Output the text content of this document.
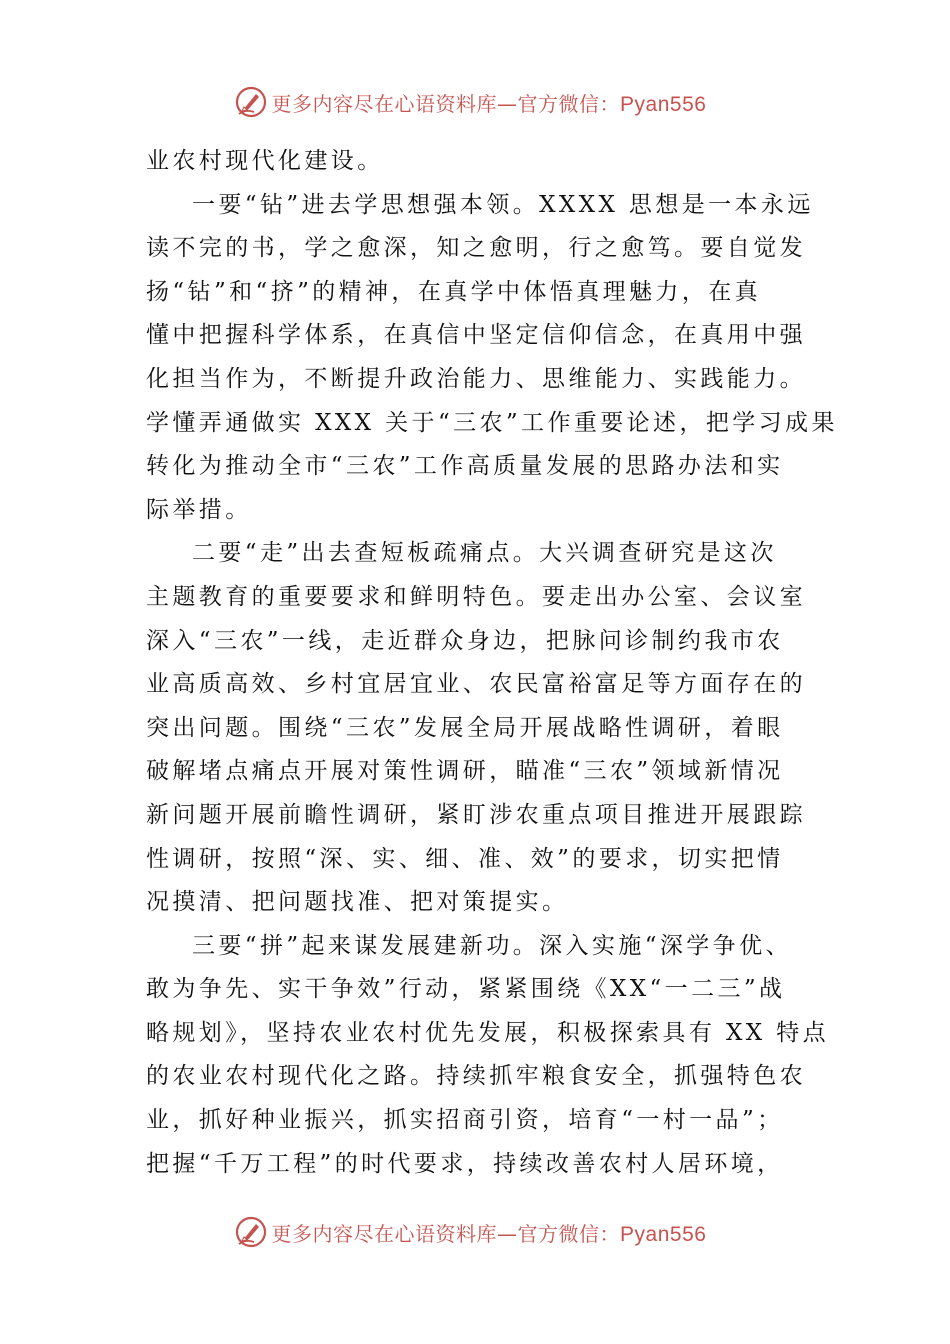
更多内容尽在心语资料库—官方微信：Pyan556
业农村现代化建设。
一要“钻”进去学思想强本领。XXXX 思想是一本永远
读不完的书，学之愈深，知之愈明，行之愈笃。要自觉发
扬“钻”和“挤”的精神，在真学中体悟真理魅力，在真
懂中把握科学体系，在真信中坚定信仰信念，在真用中强
化担当作为，不断提升政治能力、思维能力、实践能力。
学懂弄通做实 XXX 关于“三农”工作重要论述，把学习成果
转化为推动全市“三农”工作高质量发展的思路办法和实
际举措。
二要“走”出去查短板疏痛点。大兴调查研究是这次
主题教育的重要要求和鲜明特色。要走出办公室、会议室
深入“三农”一线，走近群众身边，把脉问诊制约我市农
业高质高效、乡村宜居宜业、农民富裕富足等方面存在的
突出问题。围绕“三农”发展全局开展战略性调研，着眼
破解堵点痛点开展对策性调研，瞄准“三农”领域新情况
新问题开展前瞻性调研，紧盯涉农重点项目推进开展跟踪
性调研，按照“深、实、细、准、效”的要求，切实把情
况摸清、把问题找准、把对策提实。
三要“拼”起来谋发展建新功。深入实施“深学争优、
敢为争先、实干争效”行动，紧紧围绕《XX“一二三”战
略规划》，坚持农业农村优先发展，积极探索具有 XX 特点
的农业农村现代化之路。持续抓牢粮食安全，抓强特色农
业，抓好种业振兴，抓实招商引资，培育“一村一品”；
把握“千万工程”的时代要求，持续改善农村人居环境，
更多内容尽在心语资料库—官方微信：Pyan556
